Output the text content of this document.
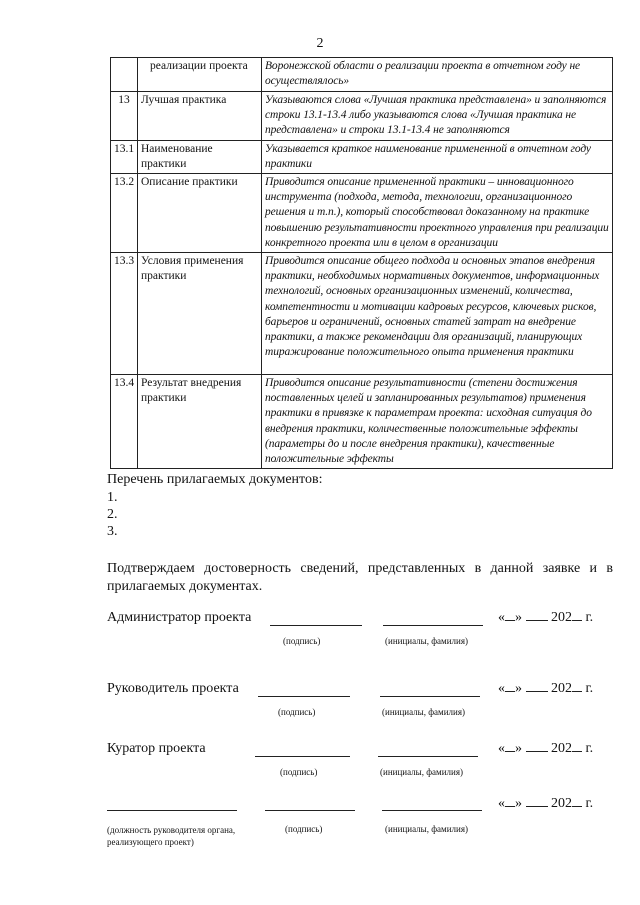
2
	реализации проекта	Воронежской области о реализации проекта в отчетном году не осуществлялось»
13	Лучшая практика	Указываются слова «Лучшая практика представлена» и заполняются строки 13.1-13.4 либо указываются слова «Лучшая практика не представлена» и строки 13.1-13.4 не заполняются
13.1	Наименование практики	Указывается краткое наименование примененной в отчетном году практики
13.2	Описание практики	Приводится описание примененной практики – инновационного инструмента (подхода, метода, технологии, организационного решения и т.п.), который способствовал доказанному на практике повышению результативности проектного управления при реализации конкретного проекта или в целом в организации
13.3	Условия применения практики	Приводится описание общего подхода и основных этапов внедрения практики, необходимых нормативных документов, информационных технологий, основных организационных изменений, количества, компетентности и мотивации кадровых ресурсов, ключевых рисков, барьеров и ограничений, основных статей затрат на внедрение практики, а также рекомендации для организаций, планирующих тиражирование положительного опыта применения практики
13.4	Результат внедрения практики	Приводится описание результативности (степени достижения поставленных целей и запланированных результатов) применения практики в привязке к параметрам проекта: исходная ситуация до внедрения практики, количественные положительные эффекты (параметры до и после внедрения практики), качественные положительные эффекты
Перечень прилагаемых документов:
1.
2.
3.
Подтверждаем достоверность сведений, представленных в данной заявке и в прилагаемых документах.
Администратор проекта
(подпись)	(инициалы, фамилия)
« » 202 г.
Руководитель проекта
(подпись)	(инициалы, фамилия)
« » 202 г.
Куратор проекта
(подпись)	(инициалы, фамилия)
« » 202 г.
« » 202 г.
(должность руководителя органа, реализующего проект)
(подпись)	(инициалы, фамилия)
